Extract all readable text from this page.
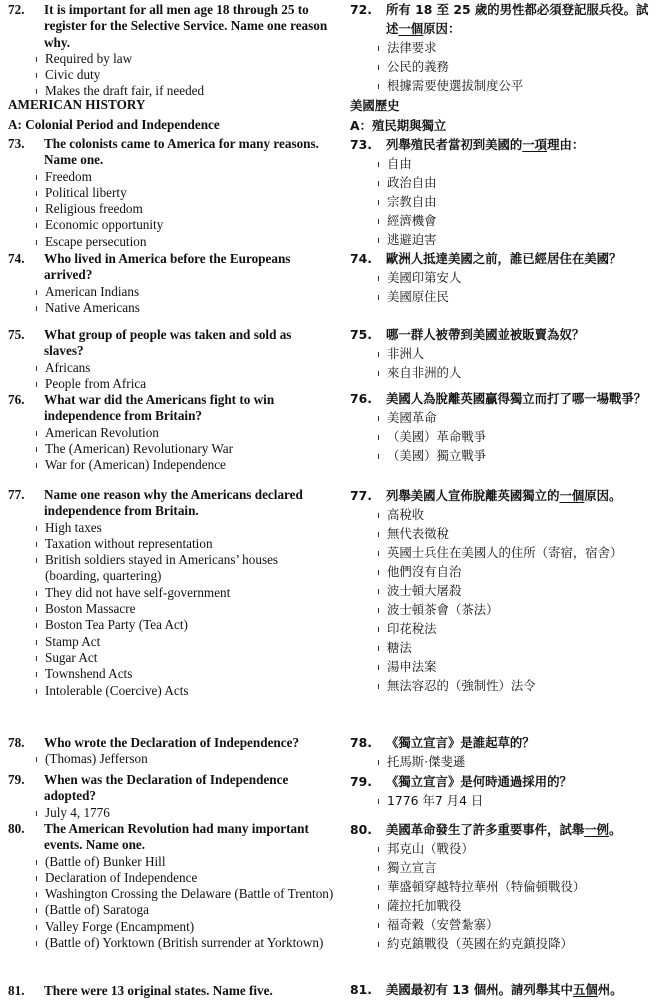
72. It is important for all men age 18 through 25 to register for the Selective Service. Name one reason why.
Required by law
Civic duty
Makes the draft fair, if needed
AMERICAN HISTORY
A: Colonial Period and Independence
73. The colonists came to America for many reasons. Name one.
Freedom
Political liberty
Religious freedom
Economic opportunity
Escape persecution
74. Who lived in America before the Europeans arrived?
American Indians
Native Americans
75. What group of people was taken and sold as slaves?
Africans
People from Africa
76. What war did the Americans fight to win independence from Britain?
American Revolution
The (American) Revolutionary War
War for (American) Independence
77. Name one reason why the Americans declared independence from Britain.
High taxes
Taxation without representation
British soldiers stayed in Americans’ houses (boarding, quartering)
They did not have self-government
Boston Massacre
Boston Tea Party (Tea Act)
Stamp Act
Sugar Act
Townshend Acts
Intolerable (Coercive) Acts
78. Who wrote the Declaration of Independence?
(Thomas) Jefferson
79. When was the Declaration of Independence adopted?
July 4, 1776
80. The American Revolution had many important events. Name one.
(Battle of) Bunker Hill
Declaration of Independence
Washington Crossing the Delaware (Battle of Trenton)
(Battle of) Saratoga
Valley Forge (Encampment)
(Battle of) Yorktown (British surrender at Yorktown)
81. There were 13 original states. Name five.
72. 所有 18 至 25 歲的男性都必須登記服兵役。試述一個原因：
法律要求
公民的義務
根據需要使選拔制度公平
美國歷史
A：殖民期與獨立
73. 列舉殖民者當初到美國的一項理由：
自由
政治自由
宗教自由
經濟機會
逃避迫害
74. 歐洲人抵達美國之前，誰已經居住在美國？
美國印第安人
美國原住民
75. 哪一群人被帶到美國並被販賣為奴？
非洲人
來自非洲的人
76. 美國人為脫離英國贏得獨立而打了哪一場戰爭？
美國革命
（美國）革命戰爭
（美國）獨立戰爭
77. 列舉美國人宣佈脫離英國獨立的一個原因。
高稅收
無代表徵稅
英國士兵住在美國人的住所（寄宿，宿舍）
他們沒有自治
波士頓大屠殺
波士頓茶會（茶法）
印花稅法
糖法
湯申法案
無法容忍的（強制性）法令
78. 《獨立宣言》是誰起草的？
托馬斯·傑斐遜
79. 《獨立宣言》是何時通過採用的？
1776 年7 月4 日
80. 美國革命發生了許多重要事件，試舉一例。
邦克山（戰役）
獨立宣言
華盛頓穿越特拉華州（特倫頓戰役）
薩拉托加戰役
福奇穀（安營紮寨）
約克鎮戰役（英國在約克鎮投降）
81. 美國最初有 13 個州。請列舉其中五個州。
